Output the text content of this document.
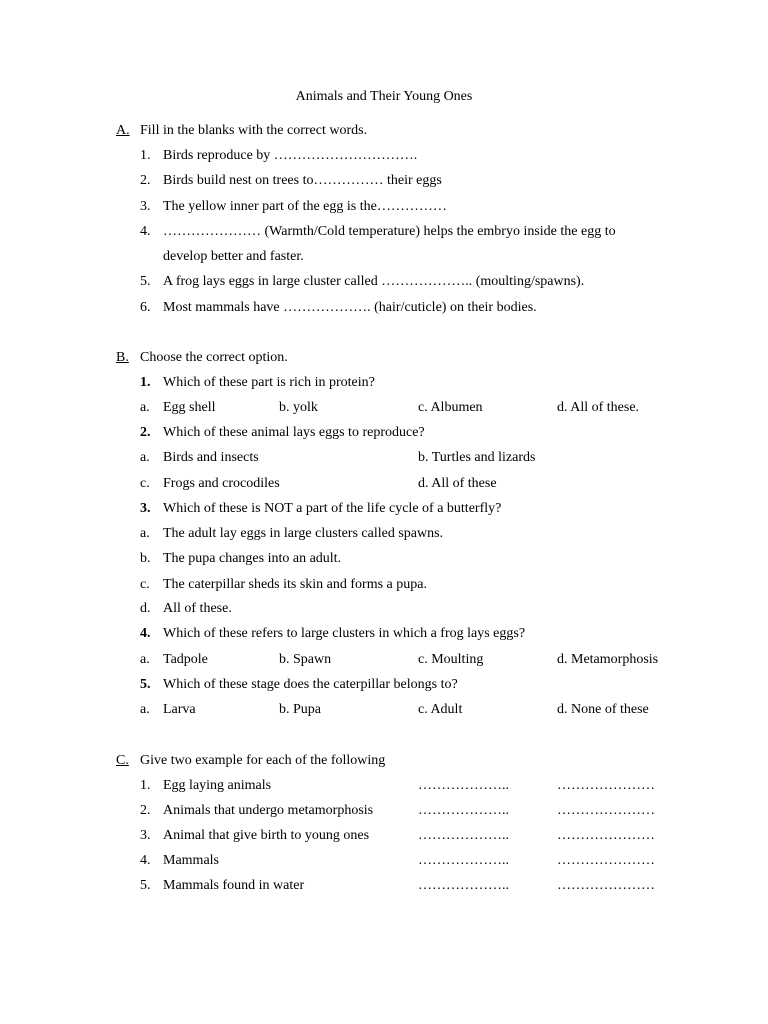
Animals and Their Young Ones
A. Fill in the blanks with the correct words.
1. Birds reproduce by ………………………….
2. Birds build nest on trees to…………… their eggs
3. The yellow inner part of the egg is the……………
4. ………………… (Warmth/Cold temperature) helps the embryo inside the egg to
develop better and faster.
5. A frog lays eggs in large cluster called ……………….. (moulting/spawns).
6. Most mammals have ………………. (hair/cuticle) on their bodies.
B. Choose the correct option.
1. Which of these part is rich in protein?
a. Egg shell	b. yolk	c. Albumen	d. All of these.
2. Which of these animal lays eggs to reproduce?
a. Birds and insects	b. Turtles and lizards
c. Frogs and crocodiles	d. All of these
3. Which of these is NOT a part of the life cycle of a butterfly?
a. The adult lay eggs in large clusters called spawns.
b. The pupa changes into an adult.
c. The caterpillar sheds its skin and forms a pupa.
d. All of these.
4. Which of these refers to large clusters in which a frog lays eggs?
a. Tadpole	b. Spawn	c. Moulting	d. Metamorphosis
5. Which of these stage does the caterpillar belongs to?
a. Larva	b. Pupa	c. Adult	d. None of these
C. Give two example for each of the following
1. Egg laying animals	………………..	…………………
2. Animals that undergo metamorphosis	………………..	…………………
3. Animal that give birth to young ones	………………..	…………………
4. Mammals	………………..	…………………
5. Mammals found in water	………………..	…………………
